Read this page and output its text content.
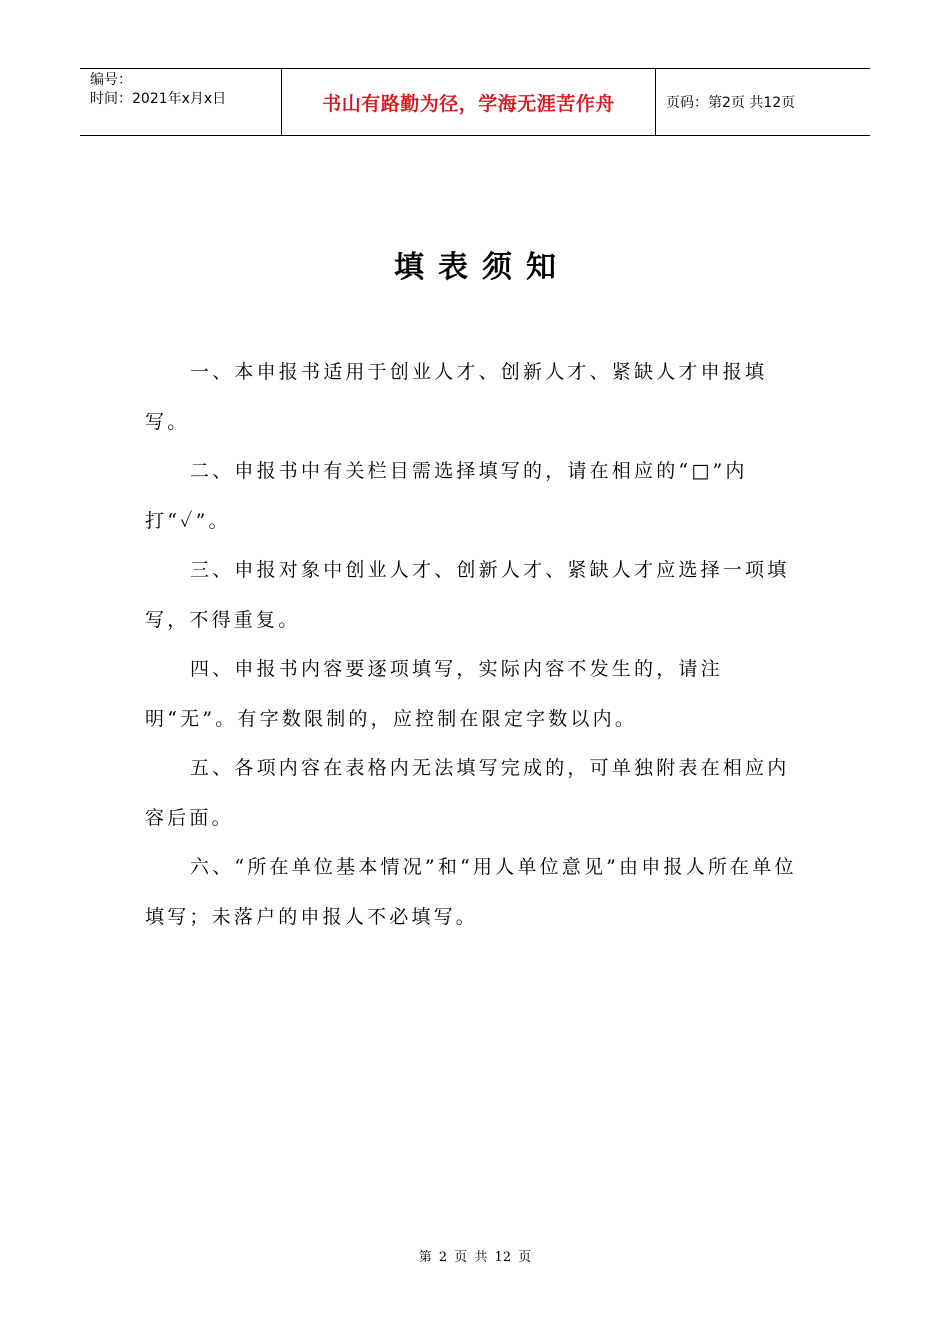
编号：
时间：2021年x月x日	书山有路勤为径，学海无涯苦作舟	页码：第2页 共12页
填表须知

一、本申报书适用于创业人才、创新人才、紧缺人才申报填写。

二、申报书中有关栏目需选择填写的，请在相应的“□”内打“✓”。

三、申报对象中创业人才、创新人才、紧缺人才应选择一项填写，不得重复。

四、申报书内容要逐项填写，实际内容不发生的，请注明“无”。有字数限制的，应控制在限定字数以内。

五、各项内容在表格内无法填写完成的，可单独附表在相应内容后面。

六、“所在单位基本情况”和“用人单位意见”由申报人所在单位填写；未落户的申报人不必填写。

第 2 页 共 12 页
